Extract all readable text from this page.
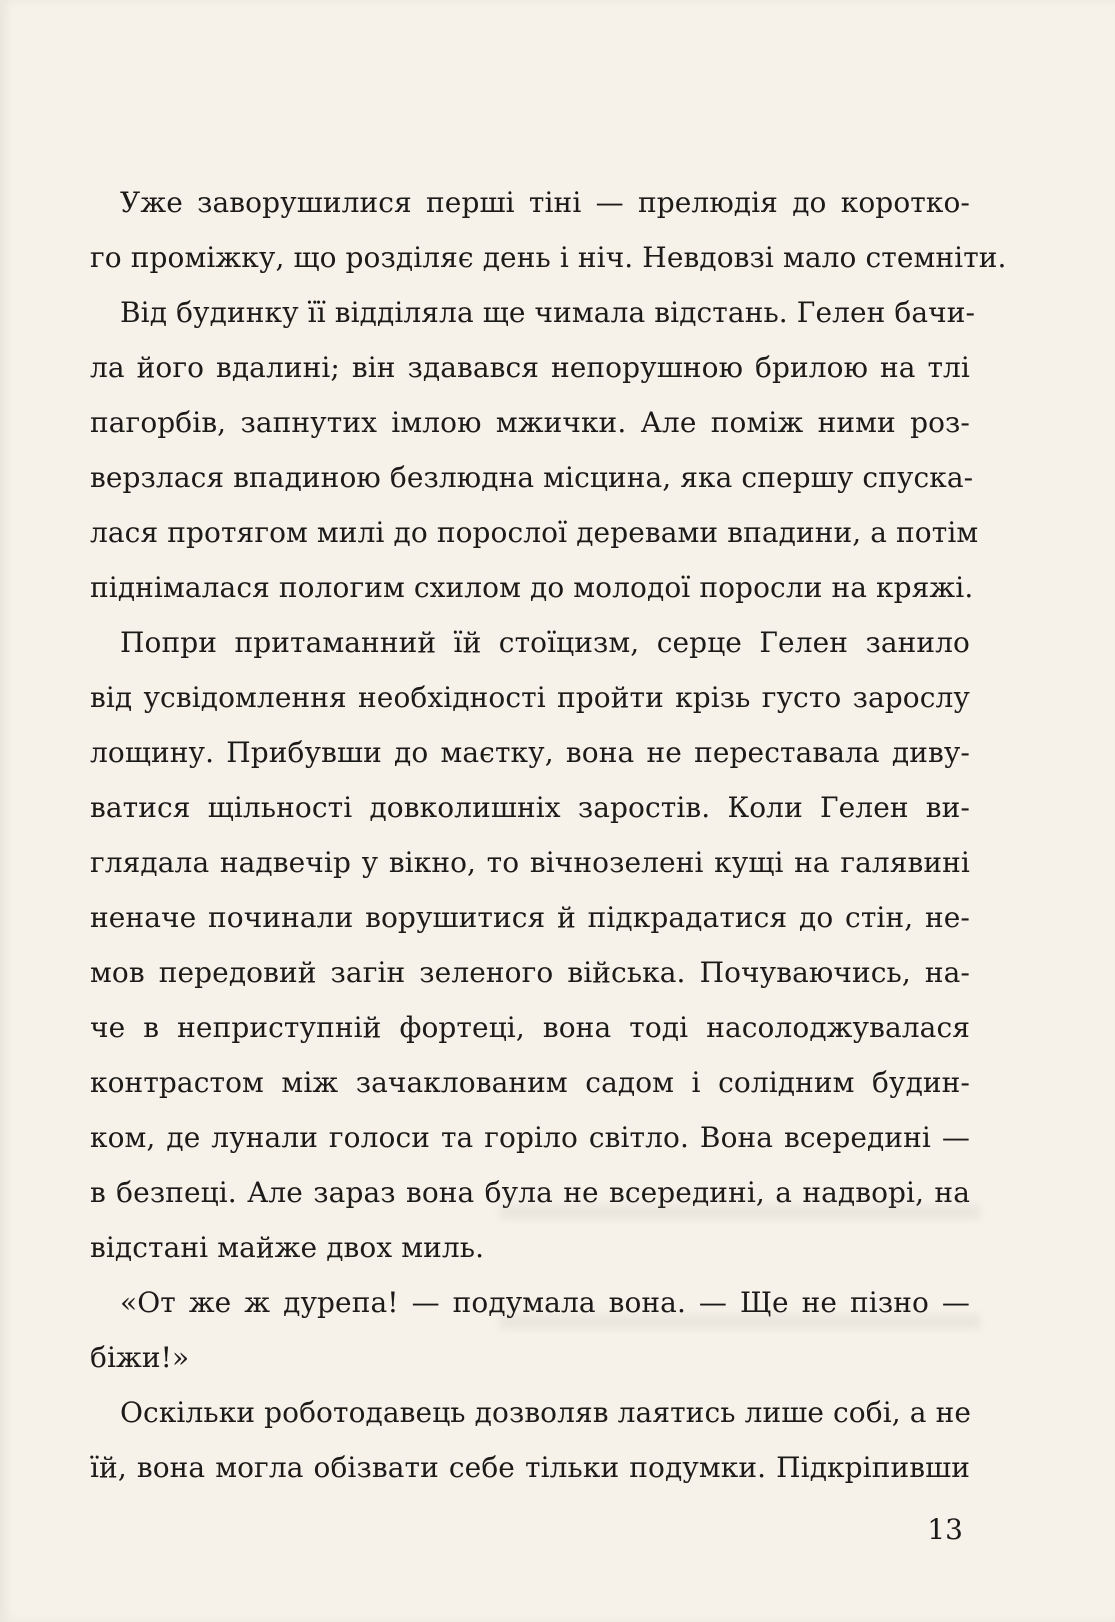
Уже заворушилися перші тіні — прелюдія до коротко-
го проміжку, що розділяє день і ніч. Невдовзі мало стемніти.
Від будинку її відділяла ще чимала відстань. Гелен бачи-
ла його вдалині; він здавався непорушною брилою на тлі
пагорбів, запнутих імлою мжички. Але поміж ними роз-
верзлася впадиною безлюдна місцина, яка спершу спуска-
лася протягом милі до порослої деревами впадини, а потім
піднімалася пологим схилом до молодої поросли на кряжі.
Попри притаманний їй стоїцизм, серце Гелен занило
від усвідомлення необхідності пройти крізь густо зарослу
лощину. Прибувши до маєтку, вона не переставала диву-
ватися щільності довколишніх заростів. Коли Гелен ви-
глядала надвечір у вікно, то вічнозелені кущі на галявині
неначе починали ворушитися й підкрадатися до стін, не-
мов передовий загін зеленого війська. Почуваючись, на-
че в неприступній фортеці, вона тоді насолоджувалася
контрастом між зачаклованим садом і солідним будин-
ком, де лунали голоси та горіло світло. Вона всередині —
в безпеці. Але зараз вона була не всередині, а надворі, на
відстані майже двох миль.
«От же ж дурепа! — подумала вона. — Ще не пізно —
біжи!»
Оскільки роботодавець дозволяв лаятись лише собі, а не
їй, вона могла обізвати себе тільки подумки. Підкріпивши
13
